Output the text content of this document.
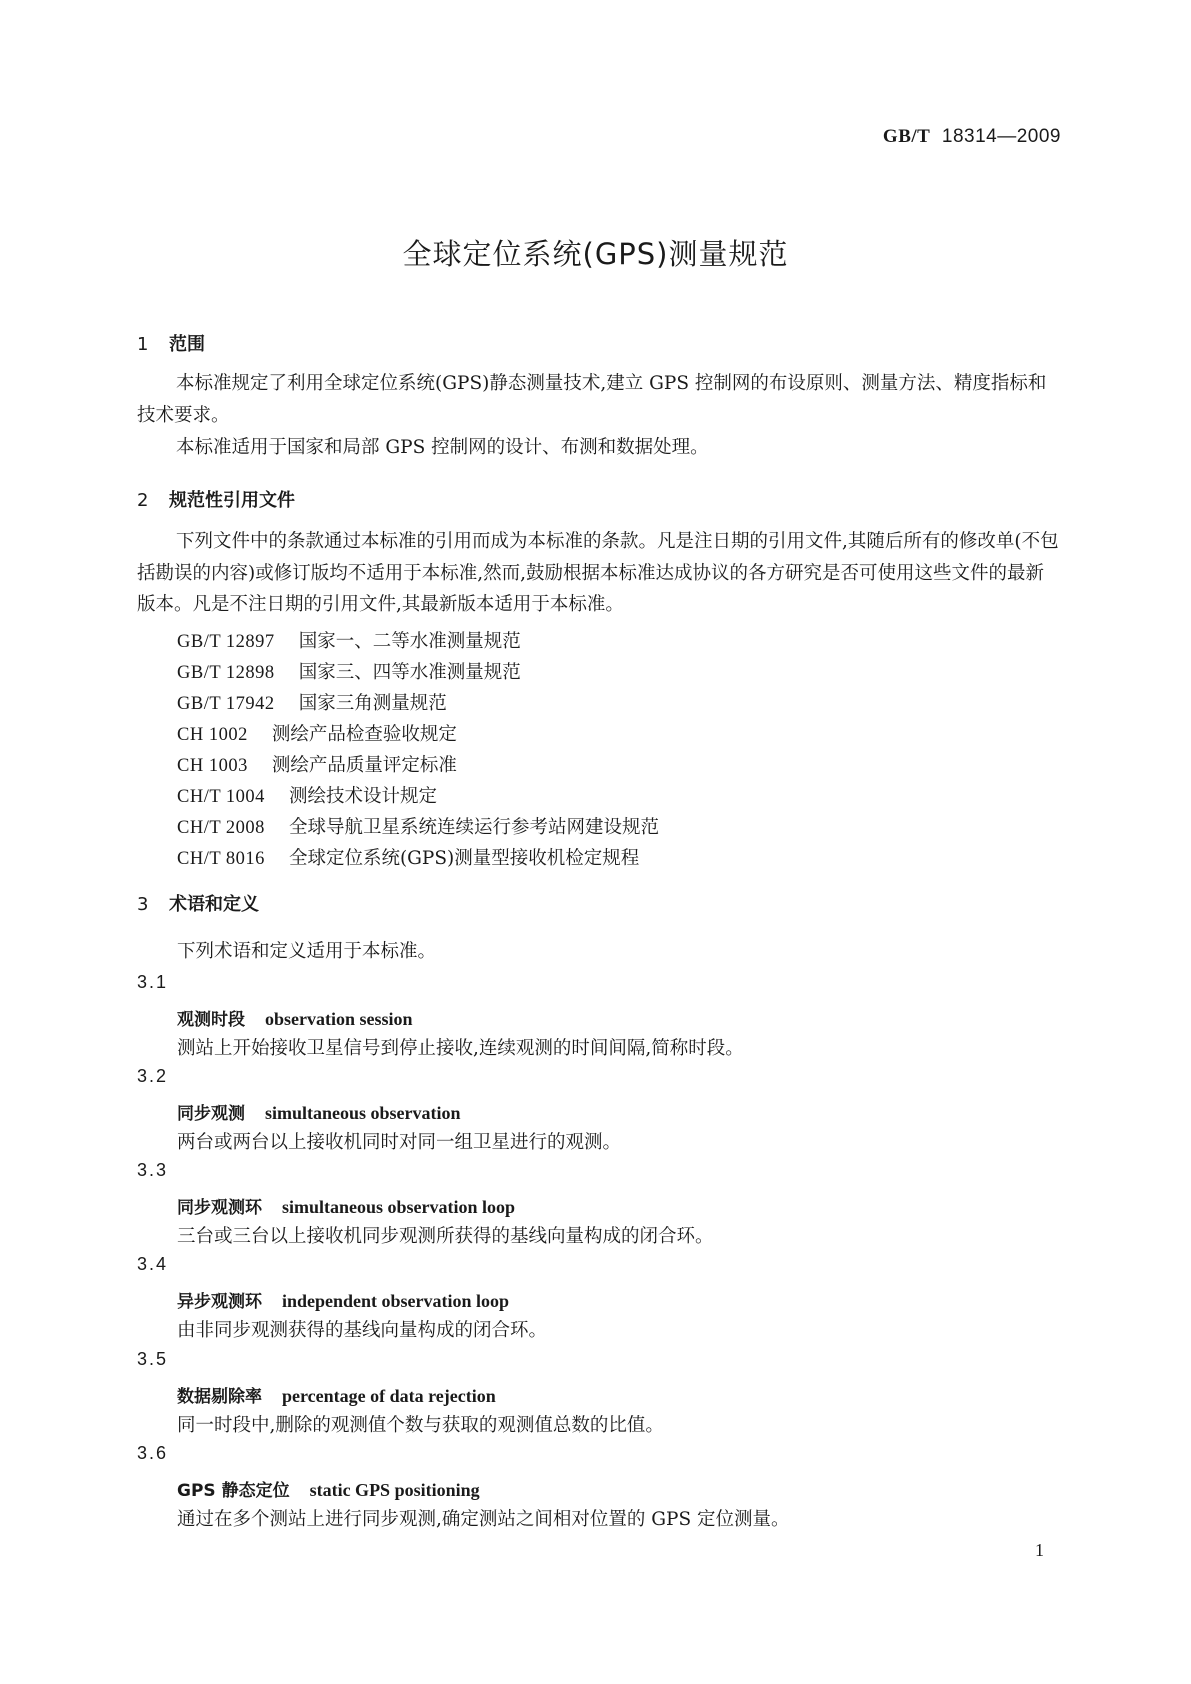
GB/T 18314—2009
全球定位系统(GPS)测量规范
1 范围
本标准规定了利用全球定位系统(GPS)静态测量技术,建立 GPS 控制网的布设原则、测量方法、精度指标和技术要求。
本标准适用于国家和局部 GPS 控制网的设计、布测和数据处理。
2 规范性引用文件
下列文件中的条款通过本标准的引用而成为本标准的条款。凡是注日期的引用文件,其随后所有的修改单(不包括勘误的内容)或修订版均不适用于本标准,然而,鼓励根据本标准达成协议的各方研究是否可使用这些文件的最新版本。凡是不注日期的引用文件,其最新版本适用于本标准。
GB/T 12897 国家一、二等水准测量规范
GB/T 12898 国家三、四等水准测量规范
GB/T 17942 国家三角测量规范
CH 1002 测绘产品检查验收规定
CH 1003 测绘产品质量评定标准
CH/T 1004 测绘技术设计规定
CH/T 2008 全球导航卫星系统连续运行参考站网建设规范
CH/T 8016 全球定位系统(GPS)测量型接收机检定规程
3 术语和定义
下列术语和定义适用于本标准。
3.1
观测时段 observation session
测站上开始接收卫星信号到停止接收,连续观测的时间间隔,简称时段。
3.2
同步观测 simultaneous observation
两台或两台以上接收机同时对同一组卫星进行的观测。
3.3
同步观测环 simultaneous observation loop
三台或三台以上接收机同步观测所获得的基线向量构成的闭合环。
3.4
异步观测环 independent observation loop
由非同步观测获得的基线向量构成的闭合环。
3.5
数据剔除率 percentage of data rejection
同一时段中,删除的观测值个数与获取的观测值总数的比值。
3.6
GPS 静态定位 static GPS positioning
通过在多个测站上进行同步观测,确定测站之间相对位置的 GPS 定位测量。
1
